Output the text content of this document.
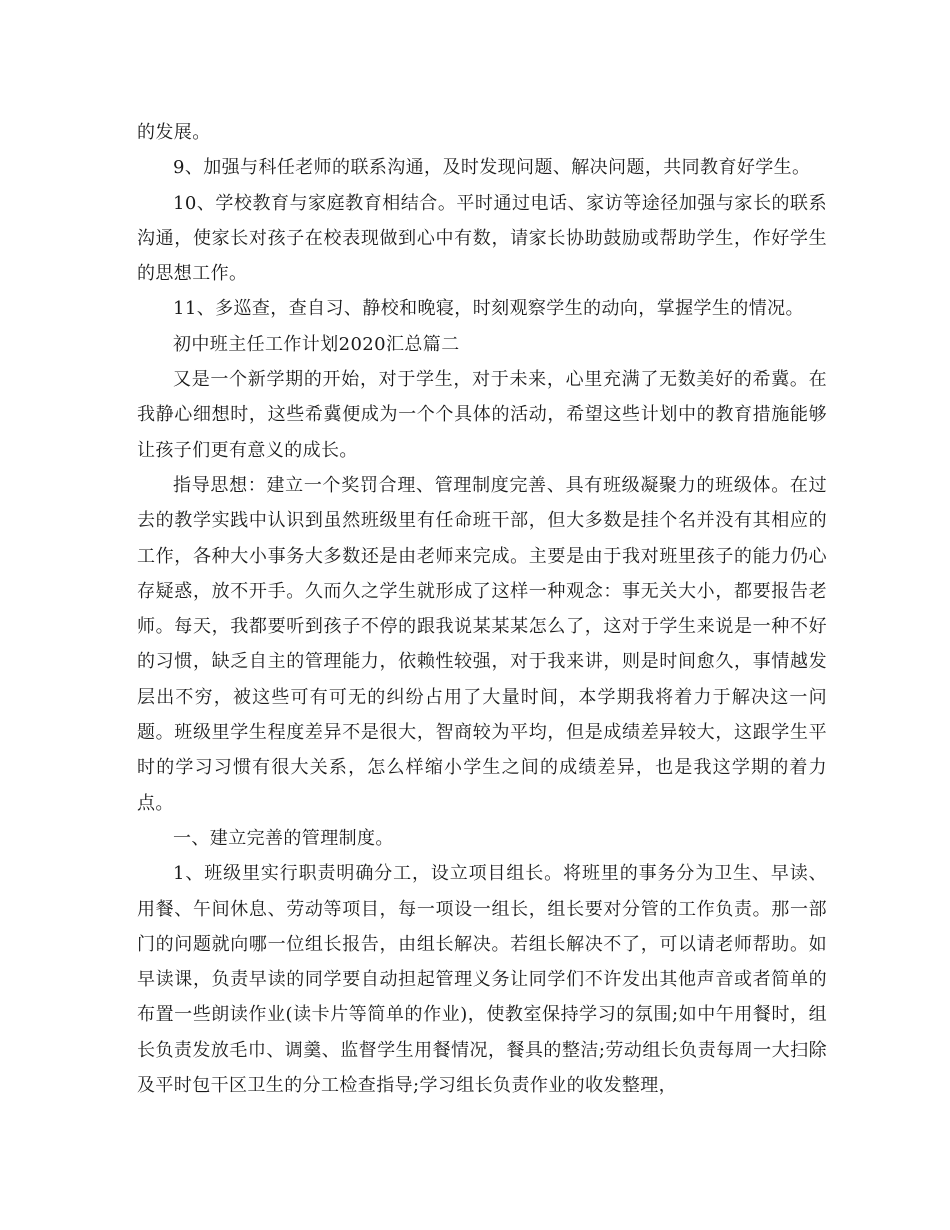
的发展。

9、加强与科任老师的联系沟通，及时发现问题、解决问题，共同教育好学生。

10、学校教育与家庭教育相结合。平时通过电话、家访等途径加强与家长的联系沟通，使家长对孩子在校表现做到心中有数，请家长协助鼓励或帮助学生，作好学生的思想工作。

11、多巡查，查自习、静校和晚寝，时刻观察学生的动向，掌握学生的情况。

初中班主任工作计划2020汇总篇二

又是一个新学期的开始，对于学生，对于未来，心里充满了无数美好的希冀。在我静心细想时，这些希冀便成为一个个具体的活动，希望这些计划中的教育措施能够让孩子们更有意义的成长。

指导思想：建立一个奖罚合理、管理制度完善、具有班级凝聚力的班级体。在过去的教学实践中认识到虽然班级里有任命班干部，但大多数是挂个名并没有其相应的工作，各种大小事务大多数还是由老师来完成。主要是由于我对班里孩子的能力仍心存疑惑，放不开手。久而久之学生就形成了这样一种观念：事无关大小，都要报告老师。每天，我都要听到孩子不停的跟我说某某某怎么了，这对于学生来说是一种不好的习惯，缺乏自主的管理能力，依赖性较强，对于我来讲，则是时间愈久，事情越发层出不穷，被这些可有可无的纠纷占用了大量时间，本学期我将着力于解决这一问题。班级里学生程度差异不是很大，智商较为平均，但是成绩差异较大，这跟学生平时的学习习惯有很大关系，怎么样缩小学生之间的成绩差异，也是我这学期的着力点。

一、建立完善的管理制度。

1、班级里实行职责明确分工，设立项目组长。将班里的事务分为卫生、早读、用餐、午间休息、劳动等项目，每一项设一组长，组长要对分管的工作负责。那一部门的问题就向哪一位组长报告，由组长解决。若组长解决不了，可以请老师帮助。如早读课，负责早读的同学要自动担起管理义务让同学们不许发出其他声音或者简单的布置一些朗读作业(读卡片等简单的作业)，使教室保持学习的氛围;如中午用餐时，组长负责发放毛巾、调羹、监督学生用餐情况，餐具的整洁;劳动组长负责每周一大扫除及平时包干区卫生的分工检查指导;学习组长负责作业的收发整理，
